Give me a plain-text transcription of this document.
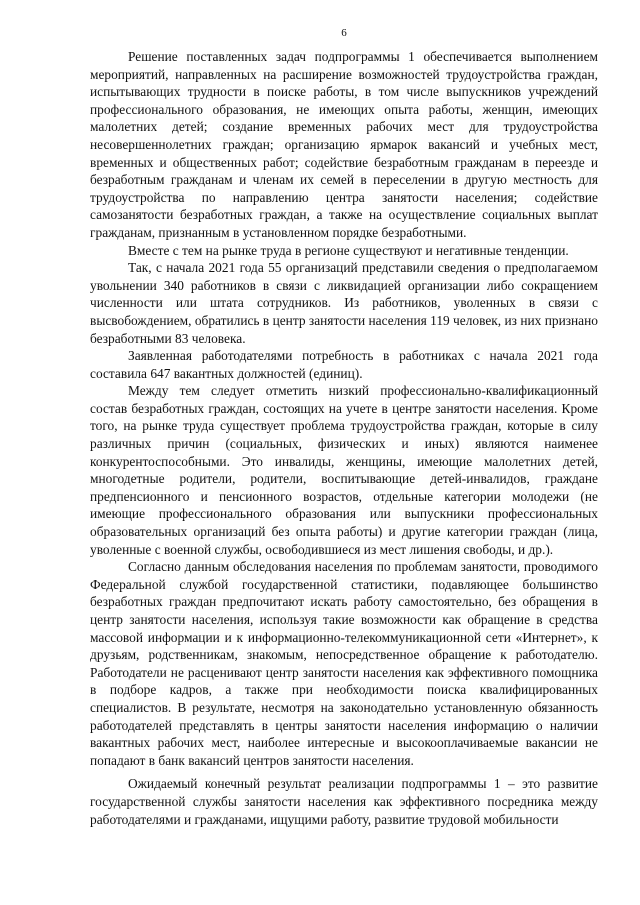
6

Решение поставленных задач подпрограммы 1 обеспечивается выполнением мероприятий, направленных на расширение возможностей трудоустройства граждан, испытывающих трудности в поиске работы, в том числе выпускников учреждений профессионального образования, не имеющих опыта работы, женщин, имеющих малолетних детей; создание временных рабочих мест для трудоустройства несовершеннолетних граждан; организацию ярмарок вакансий и учебных мест, временных и общественных работ; содействие безработным гражданам в переезде и безработным гражданам и членам их семей в переселении в другую местность для трудоустройства по направлению центра занятости населения; содействие самозанятости безработных граждан, а также на осуществление социальных выплат гражданам, признанным в установленном порядке безработными.

Вместе с тем на рынке труда в регионе существуют и негативные тенденции.

Так, с начала 2021 года 55 организаций представили сведения о предполагаемом увольнении 340 работников в связи с ликвидацией организации либо сокращением численности или штата сотрудников. Из работников, уволенных в связи с высвобождением, обратились в центр занятости населения 119 человек, из них признано безработными 83 человека.

Заявленная работодателями потребность в работниках с начала 2021 года составила 647 вакантных должностей (единиц).

Между тем следует отметить низкий профессионально-квалификационный состав безработных граждан, состоящих на учете в центре занятости населения. Кроме того, на рынке труда существует проблема трудоустройства граждан, которые в силу различных причин (социальных, физических и иных) являются наименее конкурентоспособными. Это инвалиды, женщины, имеющие малолетних детей, многодетные родители, родители, воспитывающие детей-инвалидов, граждане предпенсионного и пенсионного возрастов, отдельные категории молодежи (не имеющие профессионального образования или выпускники профессиональных образовательных организаций без опыта работы) и другие категории граждан (лица, уволенные с военной службы, освободившиеся из мест лишения свободы, и др.).

Согласно данным обследования населения по проблемам занятости, проводимого Федеральной службой государственной статистики, подавляющее большинство безработных граждан предпочитают искать работу самостоятельно, без обращения в центр занятости населения, используя такие возможности как обращение в средства массовой информации и к информационно-телекоммуникационной сети «Интернет», к друзьям, родственникам, знакомым, непосредственное обращение к работодателю. Работодатели не расценивают центр занятости населения как эффективного помощника в подборе кадров, а также при необходимости поиска квалифицированных специалистов. В результате, несмотря на законодательно установленную обязанность работодателей представлять в центры занятости населения информацию о наличии вакантных рабочих мест, наиболее интересные и высокооплачиваемые вакансии не попадают в банк вакансий центров занятости населения.

Ожидаемый конечный результат реализации подпрограммы 1 – это развитие государственной службы занятости населения как эффективного посредника между работодателями и гражданами, ищущими работу, развитие трудовой мобильности
